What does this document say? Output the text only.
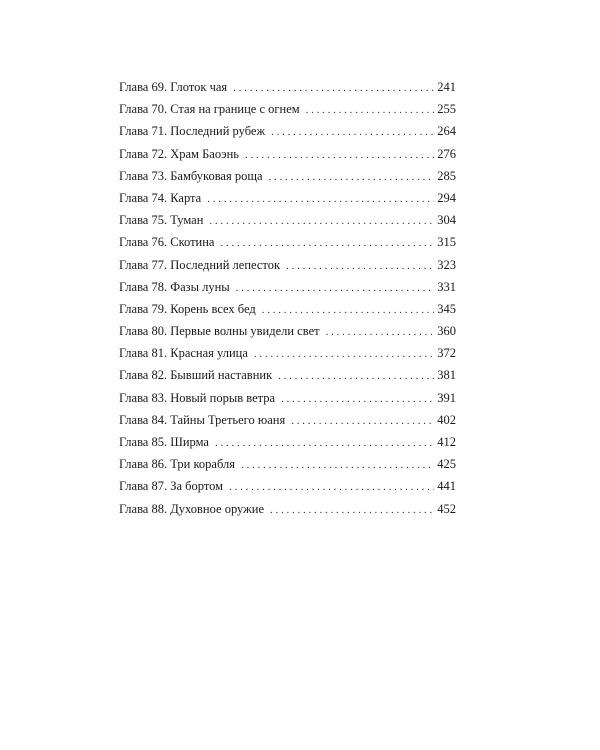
Глава 69. Глоток чая . . .	241
Глава 70. Стая на границе с огнем . . .	255
Глава 71. Последний рубеж . . .	264
Глава 72. Храм Баоэнь . . .	276
Глава 73. Бамбуковая роща . . .	285
Глава 74. Карта . . .	294
Глава 75. Туман . . .	304
Глава 76. Скотина . . .	315
Глава 77. Последний лепесток . . .	323
Глава 78. Фазы луны . . .	331
Глава 79. Корень всех бед . . .	345
Глава 80. Первые волны увидели свет . . .	360
Глава 81. Красная улица . . .	372
Глава 82. Бывший наставник . . .	381
Глава 83. Новый порыв ветра . . .	391
Глава 84. Тайны Третьего юаня . . .	402
Глава 85. Ширма . . .	412
Глава 86. Три корабля . . .	425
Глава 87. За бортом . . .	441
Глава 88. Духовное оружие . . .	452
